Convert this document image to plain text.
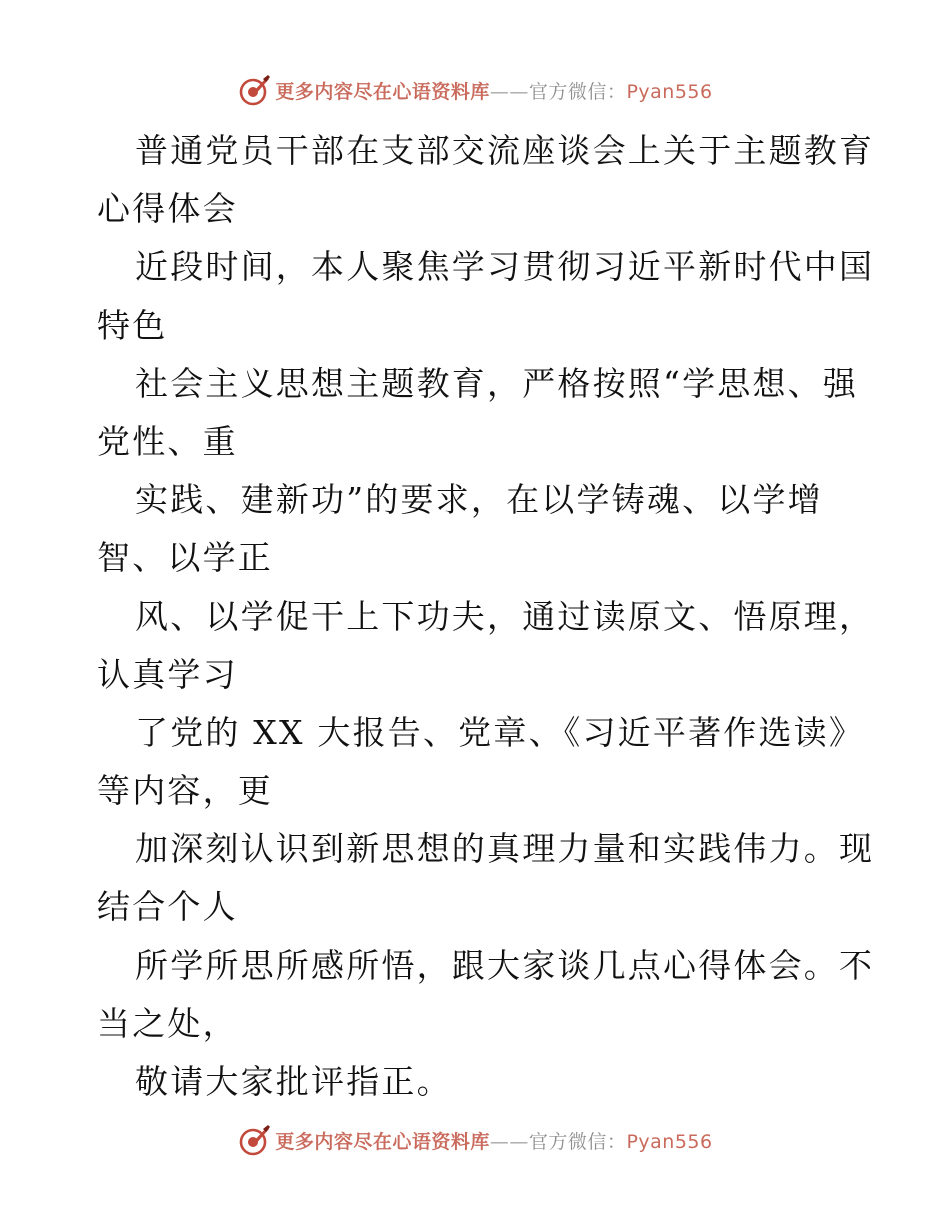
更多内容尽在心语资料库——官方微信：Pyan556
普通党员干部在支部交流座谈会上关于主题教育
心得体会
近段时间，本人聚焦学习贯彻习近平新时代中国
特色
社会主义思想主题教育，严格按照“学思想、强
党性、重
实践、建新功”的要求，在以学铸魂、以学增
智、以学正
风、以学促干上下功夫，通过读原文、悟原理，
认真学习
了党的 XX 大报告、党章、《习近平著作选读》
等内容，更
加深刻认识到新思想的真理力量和实践伟力。现
结合个人
所学所思所感所悟，跟大家谈几点心得体会。不
当之处，
敬请大家批评指正。
更多内容尽在心语资料库——官方微信：Pyan556
